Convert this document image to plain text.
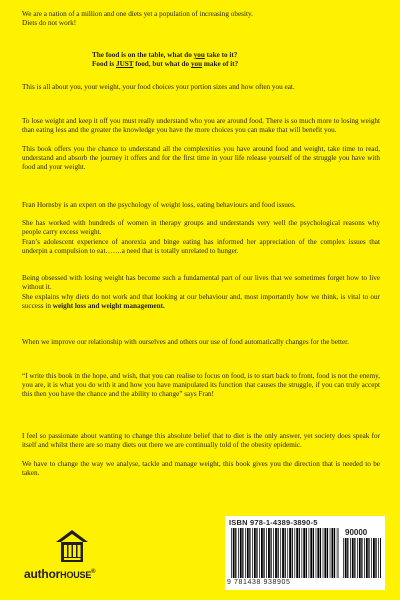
We are a nation of a million and one diets yet a population of increasing obesity.

Diets do not work!

The food is on the table, what do you take to it?

Food is JUST food, but what do you make of it?

This is all about you, your weight, your food choices your portion sizes and how often you eat.

To lose weight and keep it off you must really understand who you are around food. There is so much more to losing weight than eating less and the greater the knowledge you have the more choices you can make that will benefit you.

This book offers you the chance to understand all the complexities you have around food and weight, take time to read, understand and absorb the journey it offers and for the first time in your life release yourself of the struggle you have with food and your weight.

Fran Hornsby is an expert on the psychology of weight loss, eating behaviours and food issues.

She has worked with hundreds of women in therapy groups and understands very well the psychological reasons why people carry excess weight.

Fran’s adolescent experience of anorexia and binge eating has informed her appreciation of the complex issues that underpin a compulsion to eat…….a need that is totally unrelated to hunger.

Being obsessed with losing weight has become such a fundamental part of our lives that we sometimes forget how to live without it.

She explains why diets do not work and that looking at our behaviour and, most importantly how we think, is vital to our success in weight loss and weight management.

When we improve our relationship with ourselves and others our use of food automatically changes for the better.

“I write this book in the hope, and wish, that you can realise to focus on food, is to start back to front, food is not the enemy, you are, it is what you do with it and how you have manipulated its function that causes the struggle, if you can truly accept this then you have the chance and the ability to change” says Fran!

I feel so passionate about wanting to change this absolute belief that to diet is the only answer, yet society does speak for itself and whilst there are so many diets out there we are continually told of the obesity epidemic.

We have to change the way we analyse, tackle and manage weight, this book gives you the direction that is needed to be taken.

authorHOUSE®
ISBN 978-1-4389-3890-5
90000
9 781438 938905
